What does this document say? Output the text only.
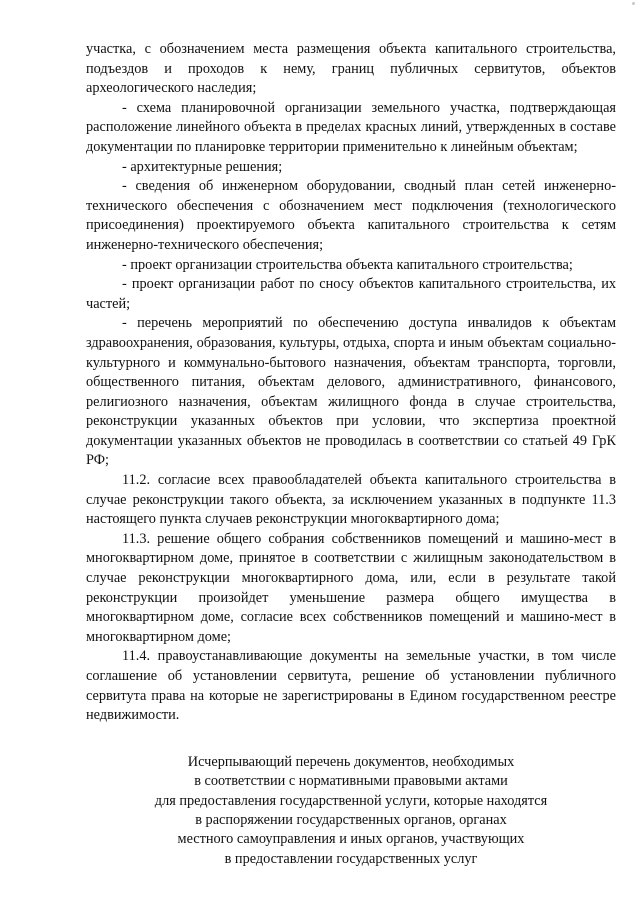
участка, с обозначением места размещения объекта капитального строительства, подъездов и проходов к нему, границ публичных сервитутов, объектов археологического наследия;

- схема планировочной организации земельного участка, подтверждающая расположение линейного объекта в пределах красных линий, утвержденных в составе документации по планировке территории применительно к линейным объектам;

- архитектурные решения;

- сведения об инженерном оборудовании, сводный план сетей инженерно-технического обеспечения с обозначением мест подключения (технологического присоединения) проектируемого объекта капитального строительства к сетям инженерно-технического обеспечения;

- проект организации строительства объекта капитального строительства;

- проект организации работ по сносу объектов капитального строительства, их частей;

- перечень мероприятий по обеспечению доступа инвалидов к объектам здравоохранения, образования, культуры, отдыха, спорта и иным объектам социально-культурного и коммунально-бытового назначения, объектам транспорта, торговли, общественного питания, объектам делового, административного, финансового, религиозного назначения, объектам жилищного фонда в случае строительства, реконструкции указанных объектов при условии, что экспертиза проектной документации указанных объектов не проводилась в соответствии со статьей 49 ГрК РФ;

11.2. согласие всех правообладателей объекта капитального строительства в случае реконструкции такого объекта, за исключением указанных в подпункте 11.3 настоящего пункта случаев реконструкции многоквартирного дома;

11.3. решение общего собрания собственников помещений и машино-мест в многоквартирном доме, принятое в соответствии с жилищным законодательством в случае реконструкции многоквартирного дома, или, если в результате такой реконструкции произойдет уменьшение размера общего имущества в многоквартирном доме, согласие всех собственников помещений и машино-мест в многоквартирном доме;

11.4. правоустанавливающие документы на земельные участки, в том числе соглашение об установлении сервитута, решение об установлении публичного сервитута права на которые не зарегистрированы в Едином государственном реестре недвижимости.

Исчерпывающий перечень документов, необходимых
в соответствии с нормативными правовыми актами
для предоставления государственной услуги, которые находятся
в распоряжении государственных органов, органах
местного самоуправления и иных органов, участвующих
в предоставлении государственных услуг
